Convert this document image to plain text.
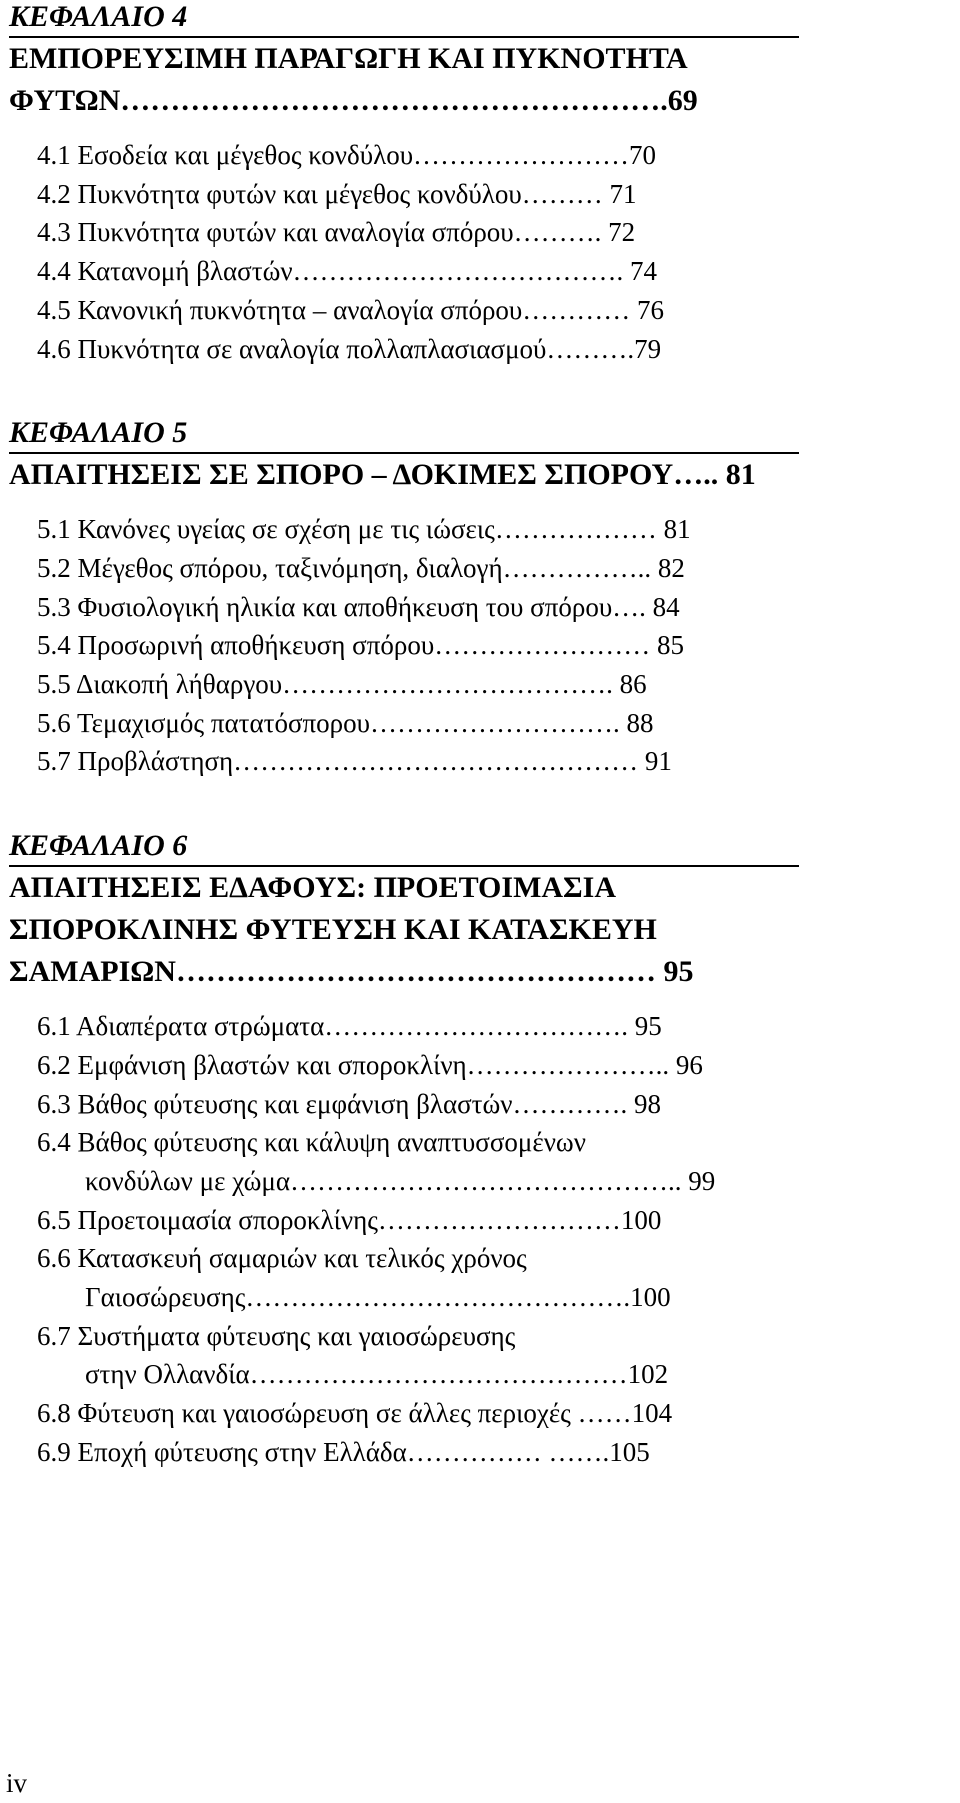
ΚΕΦΑΛΑΙΟ 4
ΕΜΠΟΡΕΥΣΙΜΗ ΠΑΡΑΓΩΓΗ ΚΑΙ ΠΥΚΝΟΤΗΤΑ
ΦΥΤΩΝ……………………………………………….69
4.1 Εσοδεία και μέγεθος κονδύλου……………………70
4.2 Πυκνότητα φυτών και μέγεθος κονδύλου……… 71
4.3 Πυκνότητα φυτών και αναλογία σπόρου………. 72
4.4 Κατανομή βλαστών………………………………. 74
4.5 Κανονική πυκνότητα – αναλογία σπόρου………… 76
4.6 Πυκνότητα σε αναλογία πολλαπλασιασμού……….79
ΚΕΦΑΛΑΙΟ 5
ΑΠΑΙΤΗΣΕΙΣ ΣΕ ΣΠΟΡΟ – ΔΟΚΙΜΕΣ ΣΠΟΡΟΥ….. 81
5.1 Κανόνες υγείας σε σχέση με τις ιώσεις……………… 81
5.2 Μέγεθος σπόρου, ταξινόμηση, διαλογή…………….. 82
5.3 Φυσιολογική ηλικία και αποθήκευση του σπόρου…. 84
5.4 Προσωρινή αποθήκευση σπόρου…………………… 85
5.5 Διακοπή λήθαργου………………………………. 86
5.6 Τεμαχισμός πατατόσπορου………………………. 88
5.7 Προβλάστηση……………………………………… 91
ΚΕΦΑΛΑΙΟ 6
ΑΠΑΙΤΗΣΕΙΣ ΕΔΑΦΟΥΣ: ΠΡΟΕΤΟΙΜΑΣΙΑ
ΣΠΟΡΟΚΛΙΝΗΣ ΦΥΤΕΥΣΗ ΚΑΙ ΚΑΤΑΣΚΕΥΗ
ΣΑΜΑΡΙΩΝ………………………………………… 95
6.1 Αδιαπέρατα στρώματα……………………………. 95
6.2 Εμφάνιση βλαστών και σποροκλίνη………………….. 96
6.3 Βάθος φύτευσης και εμφάνιση βλαστών…………. 98
6.4 Βάθος φύτευσης και κάλυψη αναπτυσσομένων
κονδύλων με χώμα…………………………………….. 99
6.5 Προετοιμασία σποροκλίνης………………………100
6.6 Κατασκευή σαμαριών και τελικός χρόνος
Γαιοσώρευσης…………………………………….100
6.7 Συστήματα φύτευσης και γαιοσώρευσης
στην Ολλανδία……………………………………102
6.8 Φύτευση και γαιοσώρευση σε άλλες περιοχές ……104
6.9 Εποχή φύτευσης στην Ελλάδα…………… …….105
iv
